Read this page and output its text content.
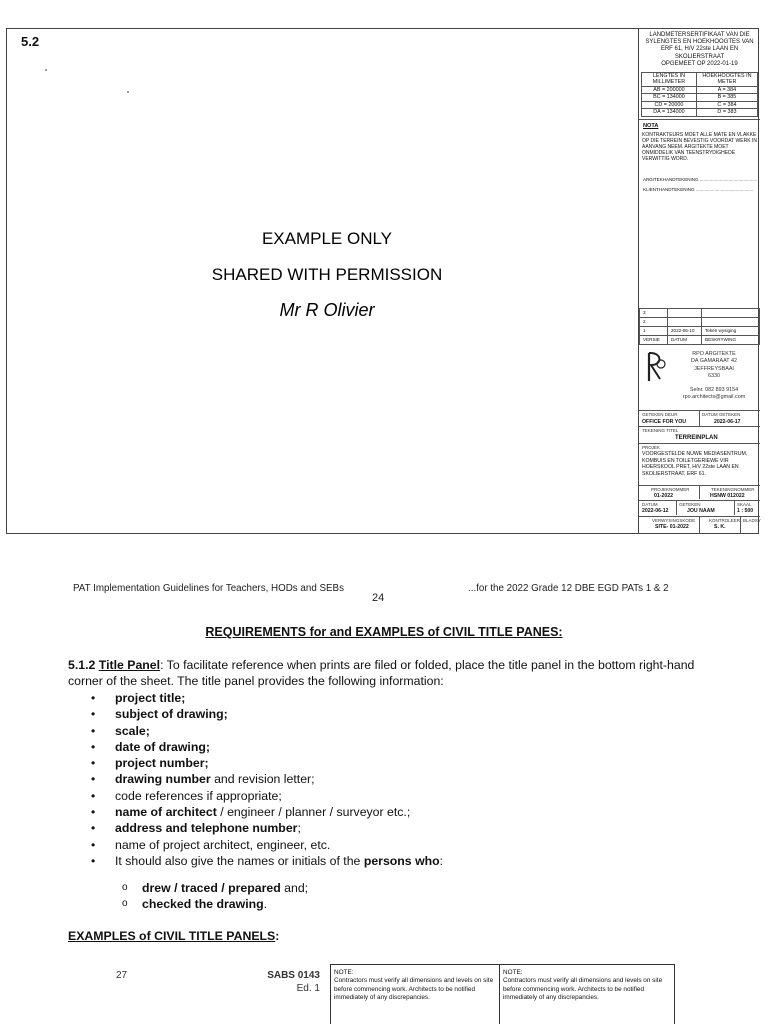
5.2
EXAMPLE ONLY
SHARED WITH PERMISSION
Mr R Olivier
LANDMETERSERTIFIKAAT VAN DIE SYLENGTES EN HOEKHOOGTES VAN ERF 61, H/V 22ste LAAN EN SKOLIERSTRAAT
OPGEMEET OP 2022-01-19
LENGTES IN MILLIMETER	HOEKHOOGTES IN METER
AB = 200000	A = 384
BC = 134000	B = 385
CD = 20000	C = 384
DA = 134000	D = 383
NOTA
KONTRAKTEURS MOET ALLE MATE EN VLAKKE OP DIE TERREIN BEVESTIG VOORDAT WERK IN AANVANG NEEM. ARGITEKTE MOET ONMIDDELIK VAN TEENSTRYDIGHEDE VERWITTIG WORD.
ARGITEKHANDTEKENING ..............................................
KLIENTHANDTEKENING ..............................................
3		
2		
1	2022-06-10	Teken wysiging
VERSIE	DATUM	BESKRYWING
RPO ARGITEKTE
DA GAMARAAT 42
JEFFREYSBAAI
6330
Selnr. 082 893 9154
rpo.architects@gmail.com
GETEKEN DEUR	DATUM GETEKEN
OFFICE FOR YOU	2022-06-17
TEKENING TITEL
TERREINPLAN
PROJEK
VOORGESTELDE NUWE MEDIASENTRUM, KOMBUIS EN TOILETGERIEWE VIR HOERSKOOL PRET, H/V 22ste LAAN EN SKOLIERSTRAAT, ERF 61.
PROJEKNOMMER	TEKENINGNOMMER
01-2022	HSNW 012022
DATUM	GETEKEN	SKAAL
2022-06-12	JOU NAAM	1 : 500
VERWYSINGSKODE	KONTROLEER BLADSY
SITE- 01-2022	S. K.
PAT Implementation Guidelines for Teachers, HODs and SEBs	...for the 2022 Grade 12 DBE EGD PATs 1 & 2
24
REQUIREMENTS for and EXAMPLES of CIVIL TITLE PANES:
5.1.2 Title Panel: To facilitate reference when prints are filed or folded, place the title panel in the bottom right-hand corner of the sheet. The title panel provides the following information:
• project title;
• subject of drawing;
• scale;
• date of drawing;
• project number;
• drawing number and revision letter;
• code references if appropriate;
• name of architect / engineer / planner / surveyor etc.;
• address and telephone number;
• name of project architect, engineer, etc.
• It should also give the names or initials of the persons who:
o drew / traced / prepared and;
o checked the drawing.
EXAMPLES of CIVIL TITLE PANELS:
27	SABS 0143
Ed. 1
NOTE:
Contractors must verify all dimensions and levels on site before commencing work. Architects to be notified immediately of any discrepancies.
NOTE:
Contractors must verify all dimensions and levels on site before commencing work. Architects to be notified immediately of any discrepancies.
